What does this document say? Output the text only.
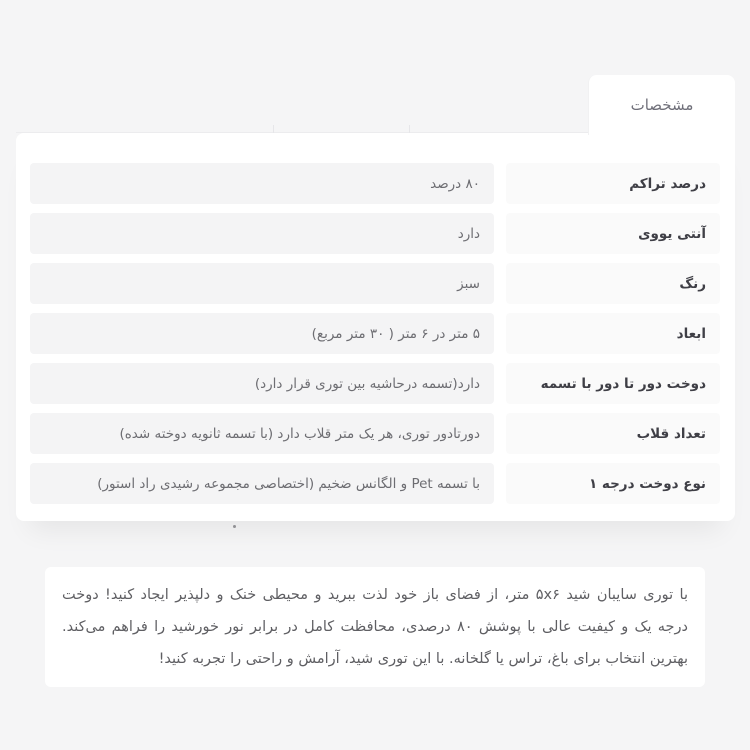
مشخصات
درصد تراکم
۸۰ درصد
آنتی یووی
دارد
رنگ
سبز
ابعاد
۵ متر در ۶ متر ( ۳۰ متر مربع)
دوخت دور تا دور با تسمه
دارد(تسمه درحاشیه بین توری قرار دارد)
تعداد قلاب
دورتادور توری، هر یک متر قلاب دارد (با تسمه ثانویه دوخته شده)
نوع دوخت درجه ۱
با تسمه Pet و الگانس ضخیم (اختصاصی مجموعه رشیدی راد استور)

با توری سایبان شید ۵x۶ متر، از فضای باز خود لذت ببرید و محیطی خنک و دلپذیر ایجاد کنید! دوخت درجه یک و کیفیت عالی با پوشش ۸۰ درصدی، محافظت کامل در برابر نور خورشید را فراهم می‌کند. بهترین انتخاب برای باغ، تراس یا گلخانه. با این توری شید، آرامش و راحتی را تجربه کنید!
